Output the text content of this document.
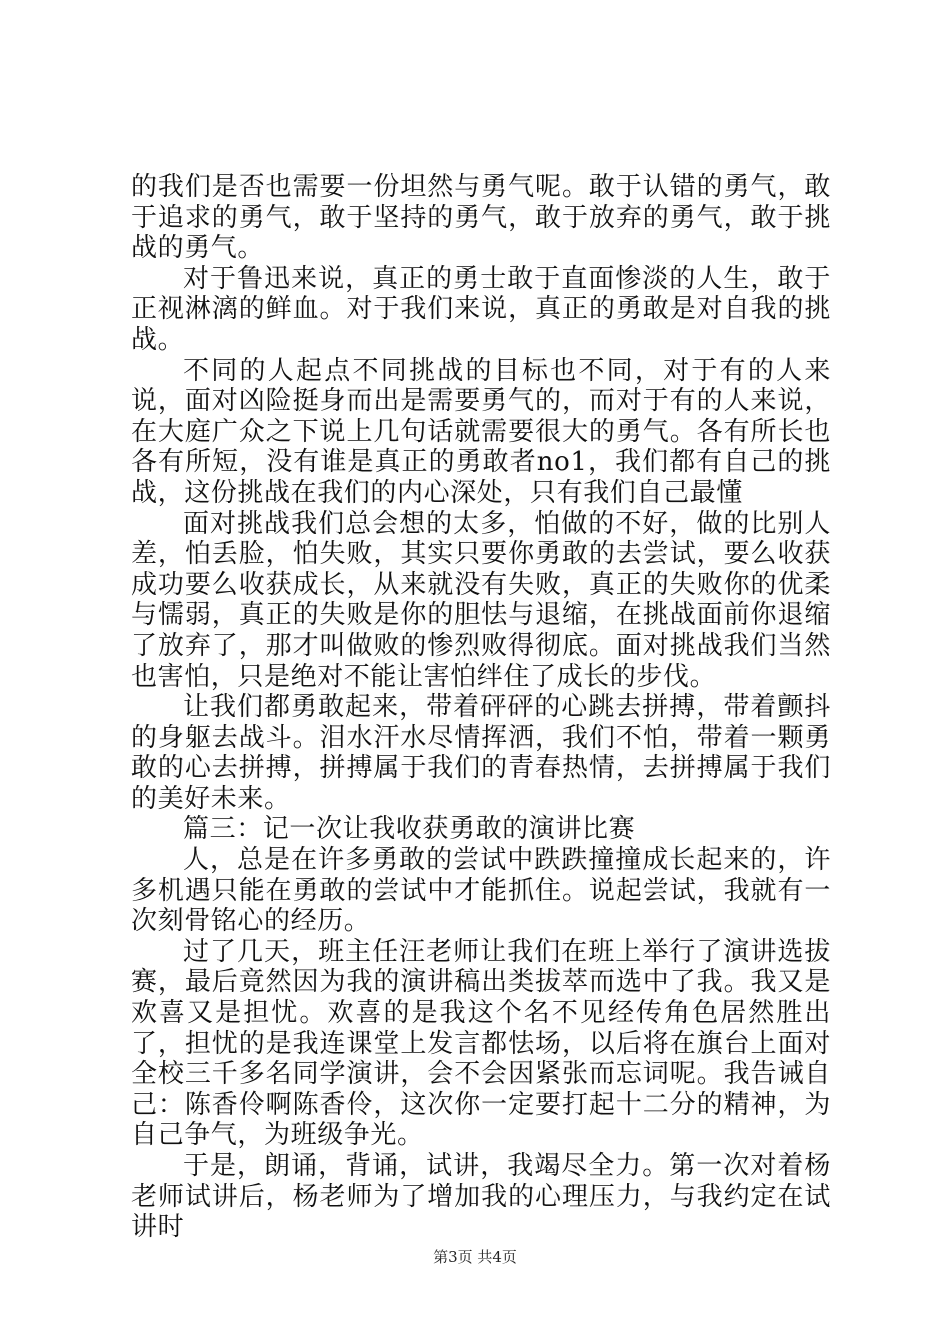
的我们是否也需要一份坦然与勇气呢。敢于认错的勇气，敢于追求的勇气，敢于坚持的勇气，敢于放弃的勇气，敢于挑战的勇气。

对于鲁迅来说，真正的勇士敢于直面惨淡的人生，敢于正视淋漓的鲜血。对于我们来说，真正的勇敢是对自我的挑战。

不同的人起点不同挑战的目标也不同，对于有的人来说，面对凶险挺身而出是需要勇气的，而对于有的人来说，在大庭广众之下说上几句话就需要很大的勇气。各有所长也各有所短，没有谁是真正的勇敢者no1，我们都有自己的挑战，这份挑战在我们的内心深处，只有我们自己最懂

面对挑战我们总会想的太多，怕做的不好，做的比别人差，怕丢脸，怕失败，其实只要你勇敢的去尝试，要么收获成功要么收获成长，从来就没有失败，真正的失败你的优柔与懦弱，真正的失败是你的胆怯与退缩，在挑战面前你退缩了放弃了，那才叫做败的惨烈败得彻底。面对挑战我们当然也害怕，只是绝对不能让害怕绊住了成长的步伐。

让我们都勇敢起来，带着砰砰的心跳去拼搏，带着颤抖的身躯去战斗。泪水汗水尽情挥洒，我们不怕，带着一颗勇敢的心去拼搏，拼搏属于我们的青春热情，去拼搏属于我们的美好未来。

篇三：记一次让我收获勇敢的演讲比赛

人，总是在许多勇敢的尝试中跌跌撞撞成长起来的，许多机遇只能在勇敢的尝试中才能抓住。说起尝试，我就有一次刻骨铭心的经历。

过了几天，班主任汪老师让我们在班上举行了演讲选拔赛，最后竟然因为我的演讲稿出类拔萃而选中了我。我又是欢喜又是担忧。欢喜的是我这个名不见经传角色居然胜出了，担忧的是我连课堂上发言都怯场，以后将在旗台上面对全校三千多名同学演讲，会不会因紧张而忘词呢。我告诫自己：陈香伶啊陈香伶，这次你一定要打起十二分的精神，为自己争气，为班级争光。

于是，朗诵，背诵，试讲，我竭尽全力。第一次对着杨老师试讲后，杨老师为了增加我的心理压力，与我约定在试讲时

第3页 共4页
